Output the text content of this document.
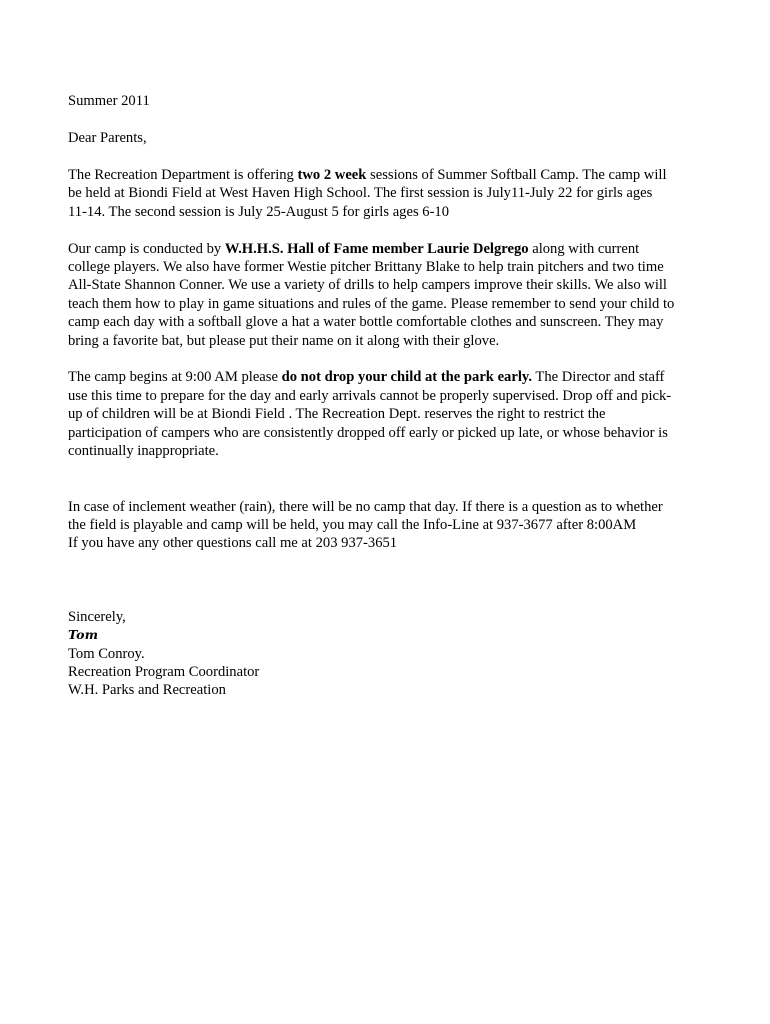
Summer 2011
Dear Parents,
The Recreation Department is offering two 2 week sessions of Summer Softball Camp. The camp will
be held at Biondi Field at West Haven High School. The first session is July11-July 22 for girls ages
11-14. The second session is July 25-August 5 for girls ages 6-10
Our camp is conducted by W.H.H.S. Hall of Fame member Laurie Delgrego along with current
college players. We also have former Westie pitcher Brittany Blake to help train pitchers and two time
All-State Shannon Conner. We use a variety of drills to help campers improve their skills. We also will
teach them how to play in game situations and rules of the game. Please remember to send your child to
camp each day with a softball glove a hat a water bottle comfortable clothes and sunscreen. They may
bring a favorite bat, but please put their name on it along with their glove.
The camp begins at 9:00 AM please do not drop your child at the park early. The Director and staff
use this time to prepare for the day and early arrivals cannot be properly supervised. Drop off and pick-
up of children will be at Biondi Field . The Recreation Dept. reserves the right to restrict the
participation of campers who are consistently dropped off early or picked up late, or whose behavior is
continually inappropriate.
In case of inclement weather (rain), there will be no camp that day. If there is a question as to whether
the field is playable and camp will be held, you may call the Info-Line at 937-3677 after 8:00AM
If you have any other questions call me at 203 937-3651
Sincerely,
Tom
Tom Conroy.
Recreation Program Coordinator
W.H. Parks and Recreation
